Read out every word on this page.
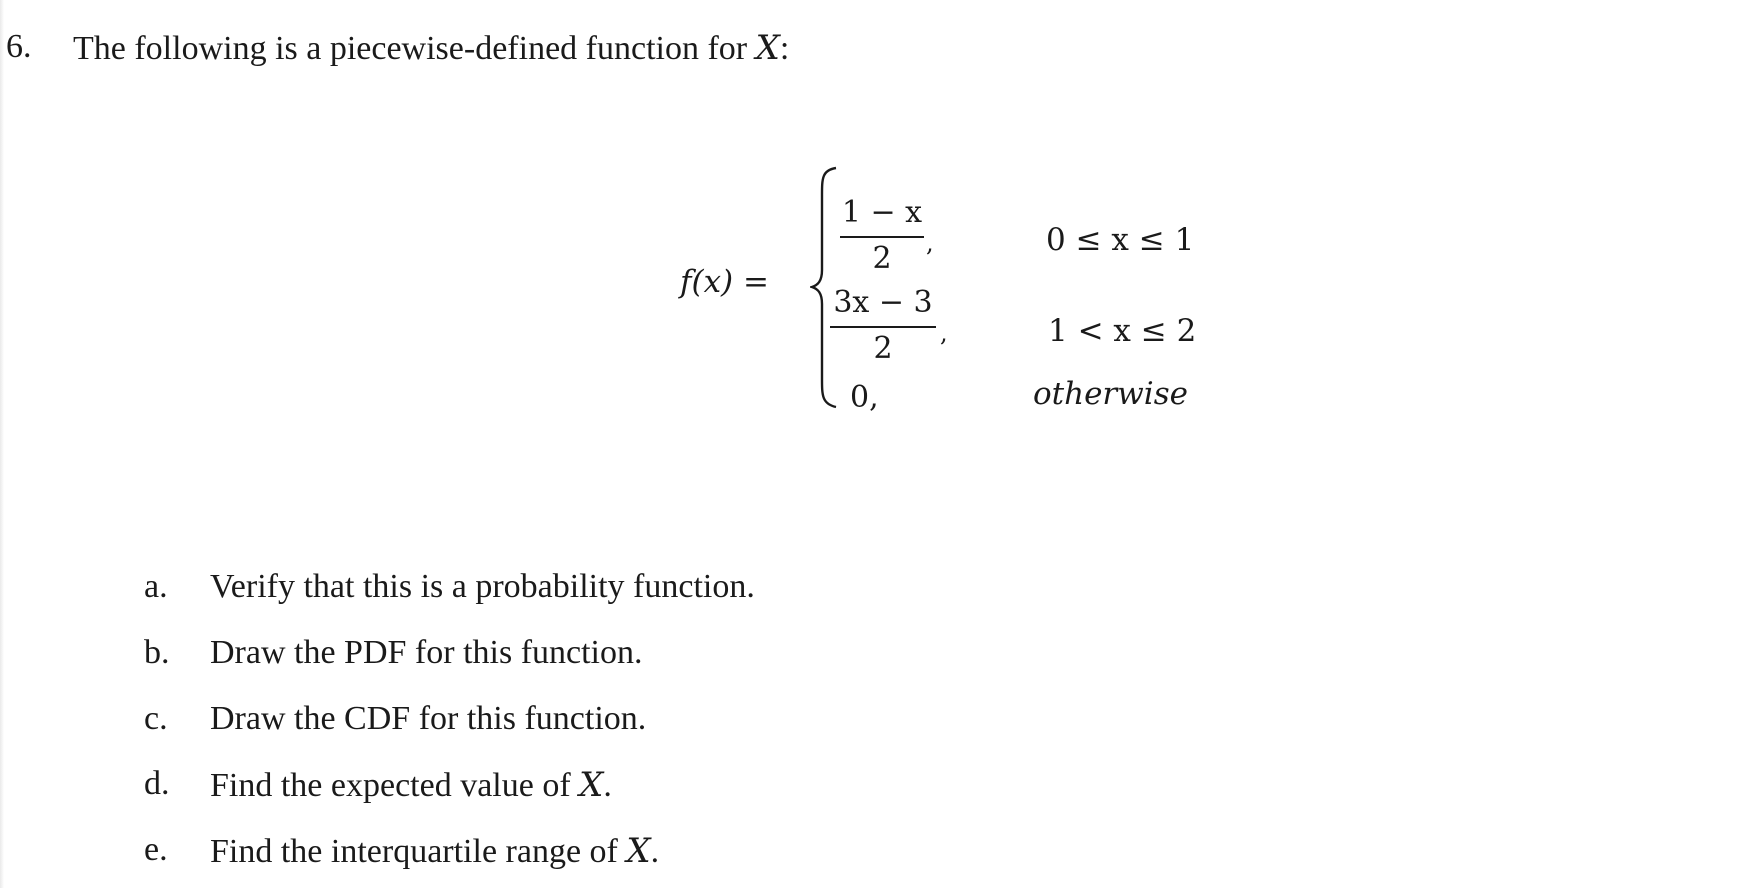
6. The following is a piecewise-defined function for X:
f(x) =
1 − x
2	,
3x − 3
2	,
0,
0 ≤ x ≤ 1
1 < x ≤ 2
otherwise
a. Verify that this is a probability function.
b. Draw the PDF for this function.
c. Draw the CDF for this function.
d. Find the expected value of X.
e. Find the interquartile range of X.
